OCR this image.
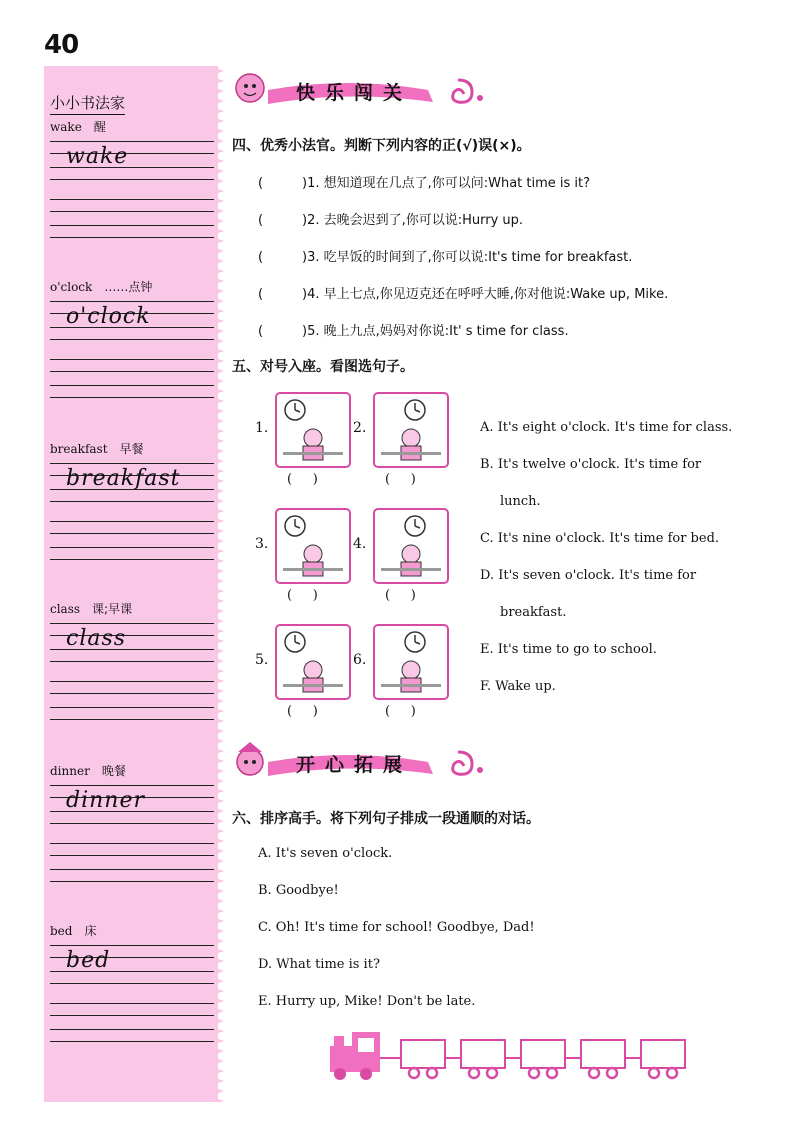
40
小小书法家
wake 醒
wake
o'clock ……点钟
o'clock
breakfast 早餐
breakfast
class 课;早课
class
dinner 晚餐
dinner
bed 床
bed
快乐闯关
四、优秀小法官。判断下列内容的正(√)误(×)。
(	)1. 想知道现在几点了,你可以问:What time is it?
(	)2. 去晚会迟到了,你可以说:Hurry up.
(	)3. 吃早饭的时间到了,你可以说:It's time for breakfast.
(	)4. 早上七点,你见迈克还在呼呼大睡,你对他说:Wake up, Mike.
(	)5. 晚上九点,妈妈对你说:It' s time for class.
五、对号入座。看图选句子。
1.
(     )
2.
(     )
3.
(     )
4.
(     )
5.
(     )
6.
(     )
A. It's eight o'clock. It's time for class.
B. It's twelve o'clock. It's time for
lunch.
C. It's nine o'clock. It's time for bed.
D. It's seven o'clock. It's time for
breakfast.
E. It's time to go to school.
F. Wake up.
开心拓展
六、排序高手。将下列句子排成一段通顺的对话。
A. It's seven o'clock.
B. Goodbye!
C. Oh! It's time for school! Goodbye, Dad!
D. What time is it?
E. Hurry up, Mike! Don't be late.
